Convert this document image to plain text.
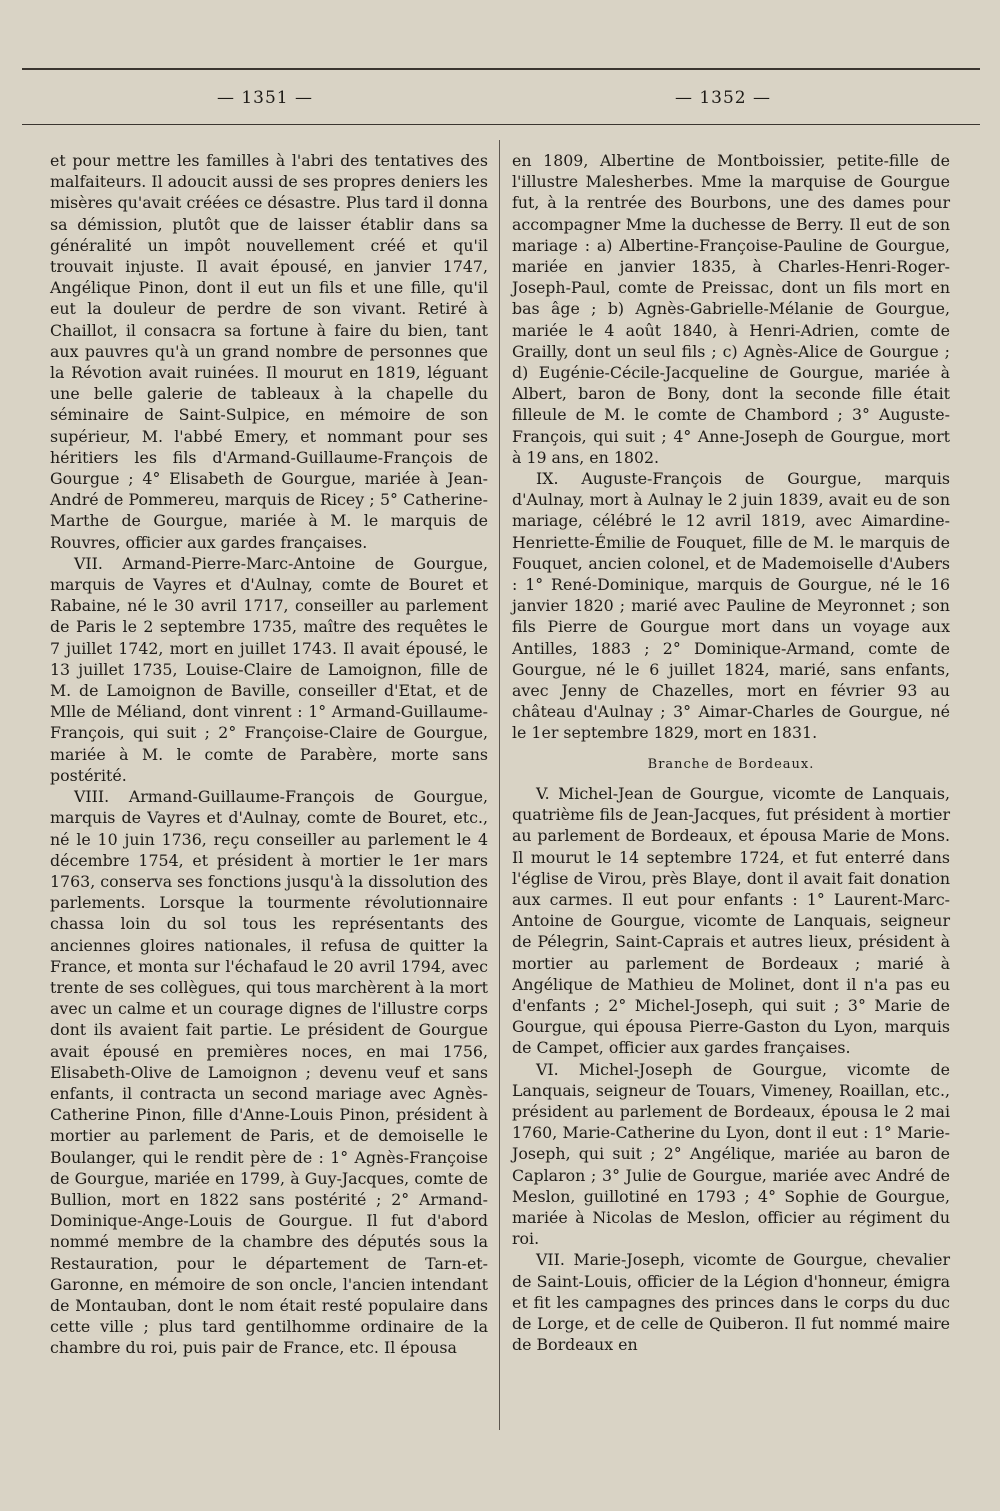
— 1351 —	— 1352 —

et pour mettre les familles à l'abri des tentatives des malfaiteurs. Il adoucit aussi de ses propres deniers les misères qu'avait créées ce désastre. Plus tard il donna sa démission, plutôt que de laisser établir dans sa généralité un impôt nouvellement créé et qu'il trouvait injuste. Il avait épousé, en janvier 1747, Angélique Pinon, dont il eut un fils et une fille, qu'il eut la douleur de perdre de son vivant. Retiré à Chaillot, il consacra sa fortune à faire du bien, tant aux pauvres qu'à un grand nombre de personnes que la Révotion avait ruinées. Il mourut en 1819, léguant une belle galerie de tableaux à la chapelle du séminaire de Saint-Sulpice, en mémoire de son supérieur, M. l'abbé Emery, et nommant pour ses héritiers les fils d'Armand-Guillaume-François de Gourgue ; 4° Elisabeth de Gourgue, mariée à Jean-André de Pommereu, marquis de Ricey ; 5° Catherine-Marthe de Gourgue, mariée à M. le marquis de Rouvres, officier aux gardes françaises.

VII. Armand-Pierre-Marc-Antoine de Gourgue, marquis de Vayres et d'Aulnay, comte de Bouret et Rabaine, né le 30 avril 1717, conseiller au parlement de Paris le 2 septembre 1735, maître des requêtes le 7 juillet 1742, mort en juillet 1743. Il avait épousé, le 13 juillet 1735, Louise-Claire de Lamoignon, fille de M. de Lamoignon de Baville, conseiller d'Etat, et de Mlle de Méliand, dont vinrent : 1° Armand-Guillaume-François, qui suit ; 2° Françoise-Claire de Gourgue, mariée à M. le comte de Parabère, morte sans postérité.

VIII. Armand-Guillaume-François de Gourgue, marquis de Vayres et d'Aulnay, comte de Bouret, etc., né le 10 juin 1736, reçu conseiller au parlement le 4 décembre 1754, et président à mortier le 1er mars 1763, conserva ses fonctions jusqu'à la dissolution des parlements. Lorsque la tourmente révolutionnaire chassa loin du sol tous les représentants des anciennes gloires nationales, il refusa de quitter la France, et monta sur l'échafaud le 20 avril 1794, avec trente de ses collègues, qui tous marchèrent à la mort avec un calme et un courage dignes de l'illustre corps dont ils avaient fait partie. Le président de Gourgue avait épousé en premières noces, en mai 1756, Elisabeth-Olive de Lamoignon ; devenu veuf et sans enfants, il contracta un second mariage avec Agnès-Catherine Pinon, fille d'Anne-Louis Pinon, président à mortier au parlement de Paris, et de demoiselle le Boulanger, qui le rendit père de : 1° Agnès-Françoise de Gourgue, mariée en 1799, à Guy-Jacques, comte de Bullion, mort en 1822 sans postérité ; 2° Armand-Dominique-Ange-Louis de Gourgue. Il fut d'abord nommé membre de la chambre des députés sous la Restauration, pour le département de Tarn-et-Garonne, en mémoire de son oncle, l'ancien intendant de Montauban, dont le nom était resté populaire dans cette ville ; plus tard gentilhomme ordinaire de la chambre du roi, puis pair de France, etc. Il épousa

en 1809, Albertine de Montboissier, petite-fille de l'illustre Malesherbes. Mme la marquise de Gourgue fut, à la rentrée des Bourbons, une des dames pour accompagner Mme la duchesse de Berry. Il eut de son mariage : a) Albertine-Françoise-Pauline de Gourgue, mariée en janvier 1835, à Charles-Henri-Roger-Joseph-Paul, comte de Preissac, dont un fils mort en bas âge ; b) Agnès-Gabrielle-Mélanie de Gourgue, mariée le 4 août 1840, à Henri-Adrien, comte de Grailly, dont un seul fils ; c) Agnès-Alice de Gourgue ; d) Eugénie-Cécile-Jacqueline de Gourgue, mariée à Albert, baron de Bony, dont la seconde fille était filleule de M. le comte de Chambord ; 3° Auguste-François, qui suit ; 4° Anne-Joseph de Gourgue, mort à 19 ans, en 1802.

IX. Auguste-François de Gourgue, marquis d'Aulnay, mort à Aulnay le 2 juin 1839, avait eu de son mariage, célébré le 12 avril 1819, avec Aimardine-Henriette-Émilie de Fouquet, fille de M. le marquis de Fouquet, ancien colonel, et de Mademoiselle d'Aubers : 1° René-Dominique, marquis de Gourgue, né le 16 janvier 1820 ; marié avec Pauline de Meyronnet ; son fils Pierre de Gourgue mort dans un voyage aux Antilles, 1883 ; 2° Dominique-Armand, comte de Gourgue, né le 6 juillet 1824, marié, sans enfants, avec Jenny de Chazelles, mort en février 93 au château d'Aulnay ; 3° Aimar-Charles de Gourgue, né le 1er septembre 1829, mort en 1831.

Branche de Bordeaux.

V. Michel-Jean de Gourgue, vicomte de Lanquais, quatrième fils de Jean-Jacques, fut président à mortier au parlement de Bordeaux, et épousa Marie de Mons. Il mourut le 14 septembre 1724, et fut enterré dans l'église de Virou, près Blaye, dont il avait fait donation aux carmes. Il eut pour enfants : 1° Laurent-Marc-Antoine de Gourgue, vicomte de Lanquais, seigneur de Pélegrin, Saint-Caprais et autres lieux, président à mortier au parlement de Bordeaux ; marié à Angélique de Mathieu de Molinet, dont il n'a pas eu d'enfants ; 2° Michel-Joseph, qui suit ; 3° Marie de Gourgue, qui épousa Pierre-Gaston du Lyon, marquis de Campet, officier aux gardes françaises.

VI. Michel-Joseph de Gourgue, vicomte de Lanquais, seigneur de Touars, Vimeney, Roaillan, etc., président au parlement de Bordeaux, épousa le 2 mai 1760, Marie-Catherine du Lyon, dont il eut : 1° Marie-Joseph, qui suit ; 2° Angélique, mariée au baron de Caplaron ; 3° Julie de Gourgue, mariée avec André de Meslon, guillotiné en 1793 ; 4° Sophie de Gourgue, mariée à Nicolas de Meslon, officier au régiment du roi.

VII. Marie-Joseph, vicomte de Gourgue, chevalier de Saint-Louis, officier de la Légion d'honneur, émigra et fit les campagnes des princes dans le corps du duc de Lorge, et de celle de Quiberon. Il fut nommé maire de Bordeaux en
